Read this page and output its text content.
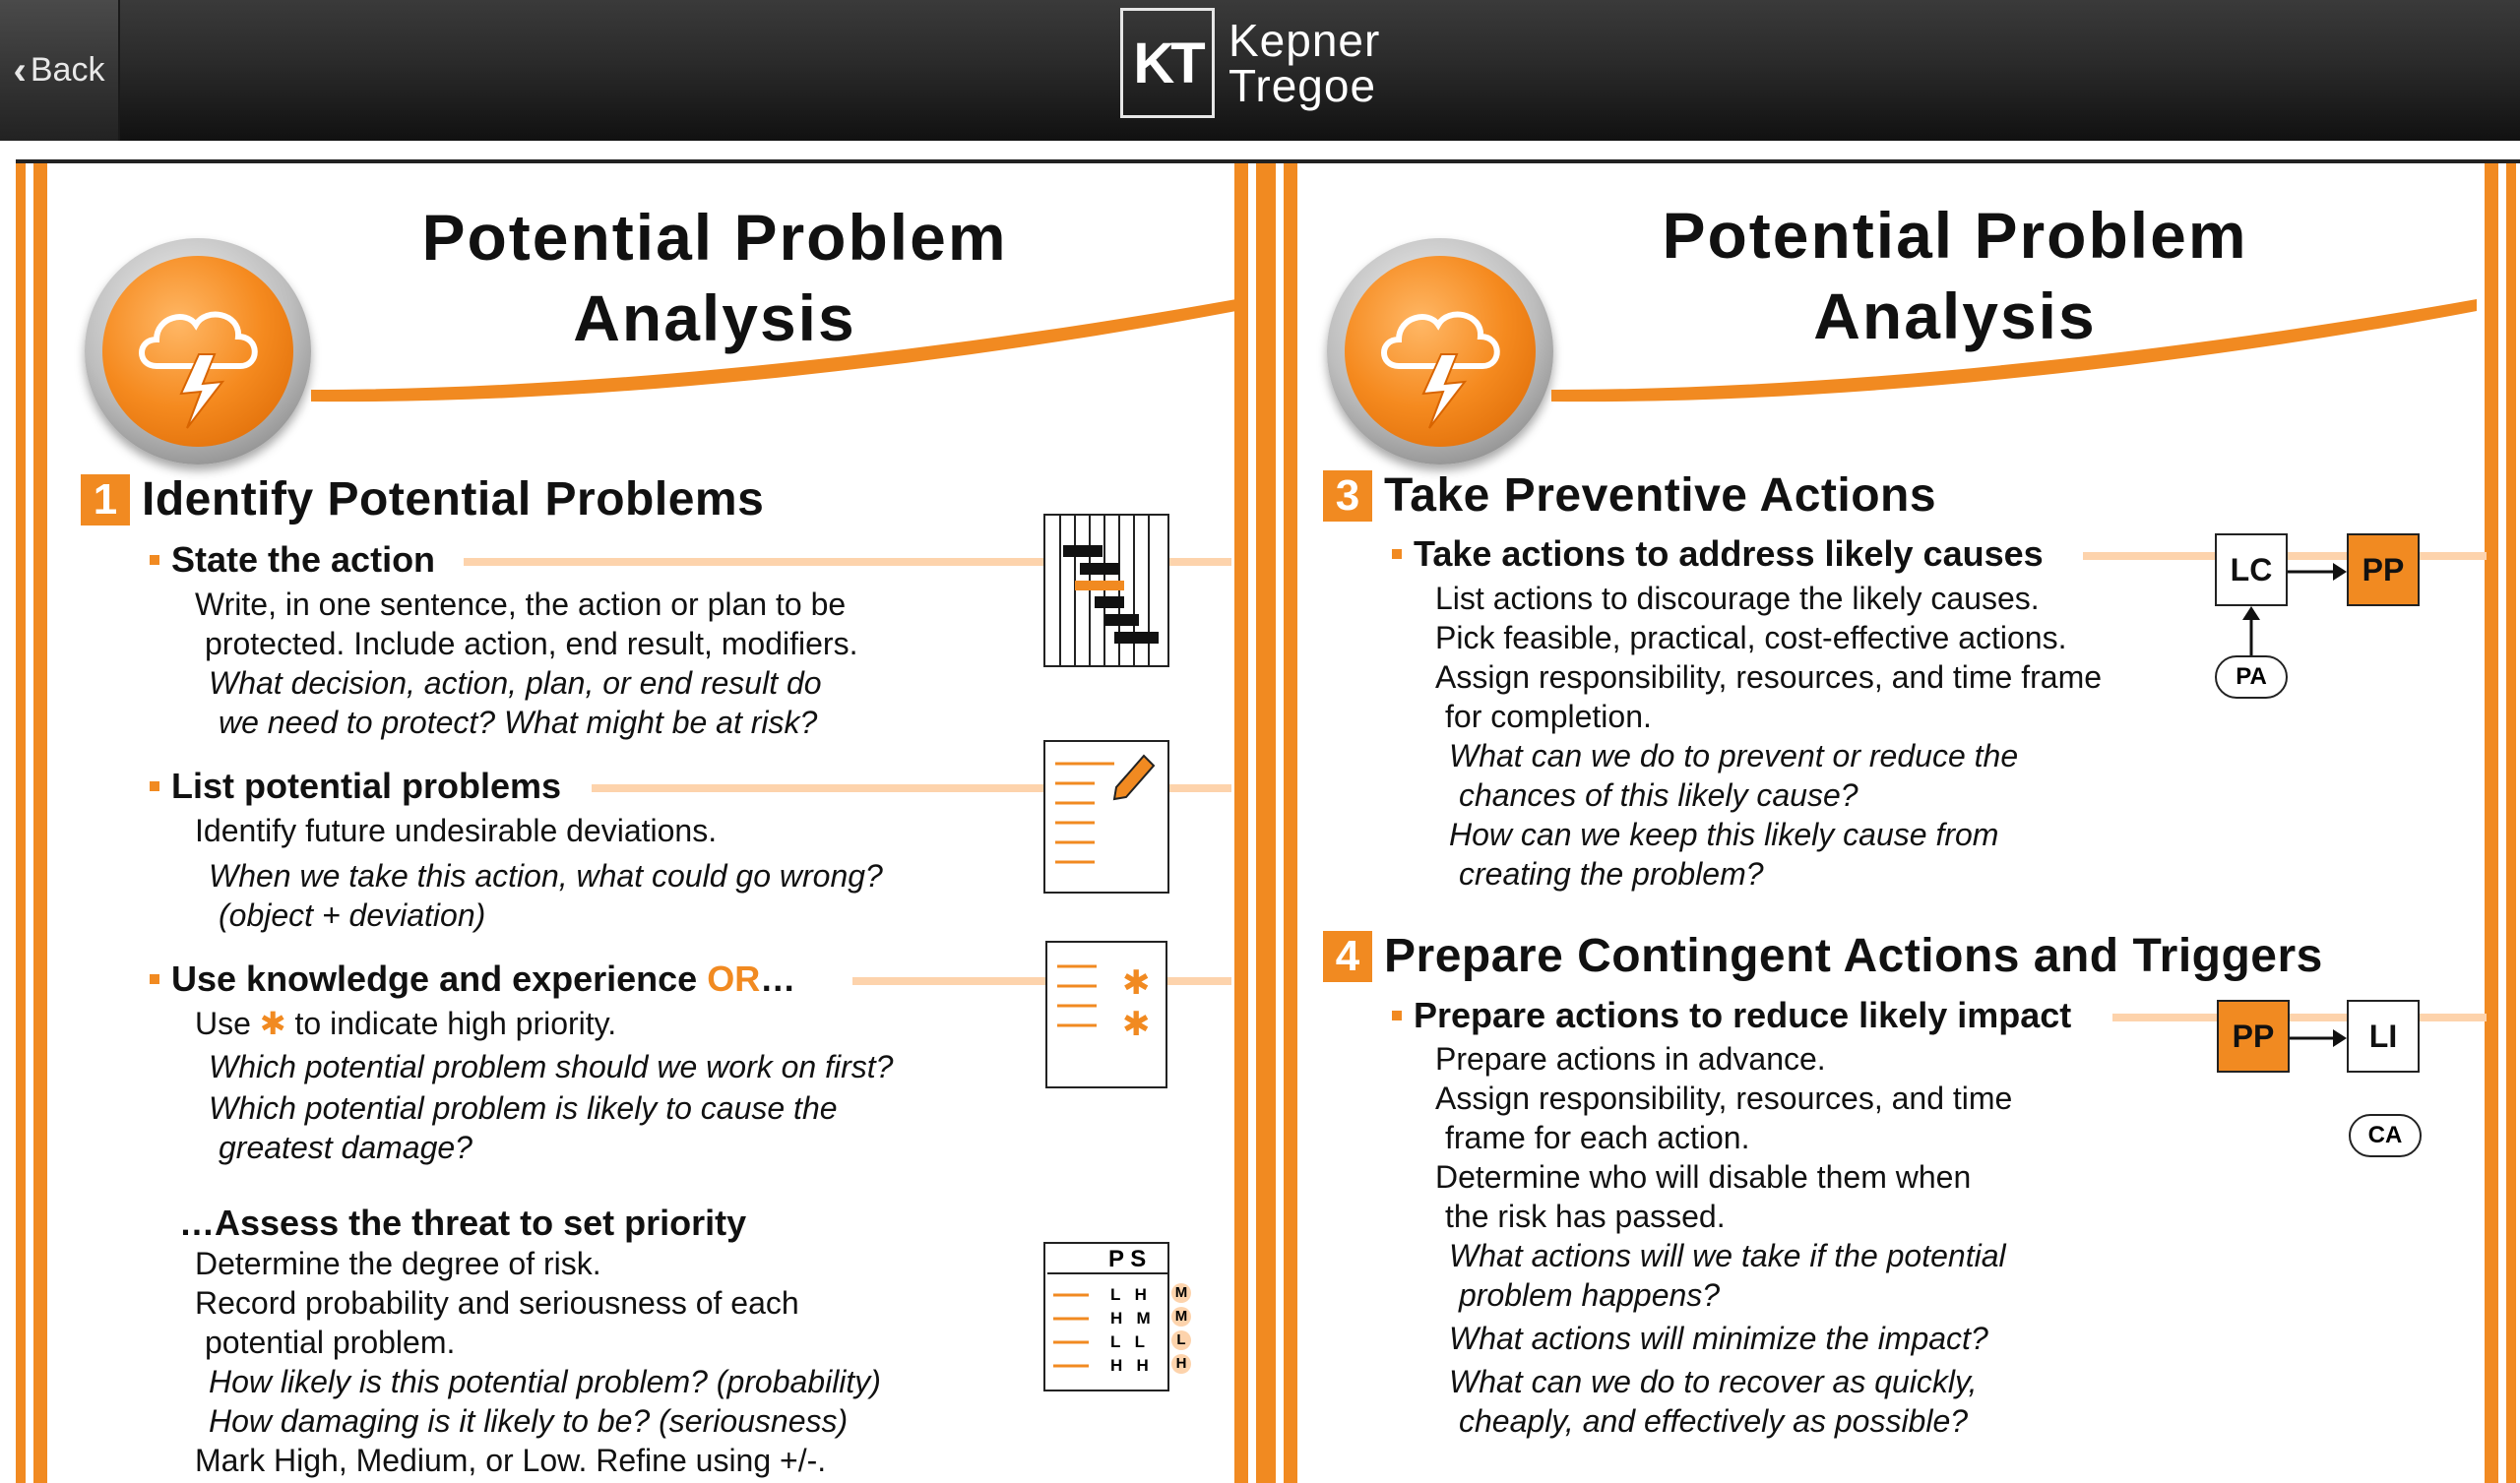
‹ Back	KT Kepner
Tregoe
Potential Problem
Analysis
1 Identify Potential Problems
State the action
Write, in one sentence, the action or plan to be
protected. Include action, end result, modifiers.
What decision, action, plan, or end result do
we need to protect? What might be at risk?
List potential problems
Identify future undesirable deviations.
When we take this action, what could go wrong?
(object + deviation)
Use knowledge and experience
OR …
Use ✱ to indicate high priority.
Which potential problem should we work on first?
Which potential problem is likely to cause the
greatest damage?
✱
✱
…Assess the threat to set priority
Determine the degree of risk.
Record probability and seriousness of each
potential problem.
How likely is this potential problem? (probability)
How damaging is it likely to be? (seriousness)
Mark High, Medium, or Low. Refine using +/-.
P S
L H
H M
L L
H H
M
M
L
H
Potential Problem
Analysis
3 Take Preventive Actions
Take actions to address likely causes
List actions to discourage the likely causes.
Pick feasible, practical, cost-effective actions.
Assign responsibility, resources, and time frame
for completion.
What can we do to prevent or reduce the
chances of this likely cause?
How can we keep this likely cause from
creating the problem?
LC	PP
PA
4 Prepare Contingent Actions and Triggers
Prepare actions to reduce likely impact
Prepare actions in advance.
Assign responsibility, resources, and time
frame for each action.
Determine who will disable them when
the risk has passed.
What actions will we take if the potential
problem happens?
What actions will minimize the impact?
What can we do to recover as quickly,
cheaply, and effectively as possible?
PP	LI
CA
